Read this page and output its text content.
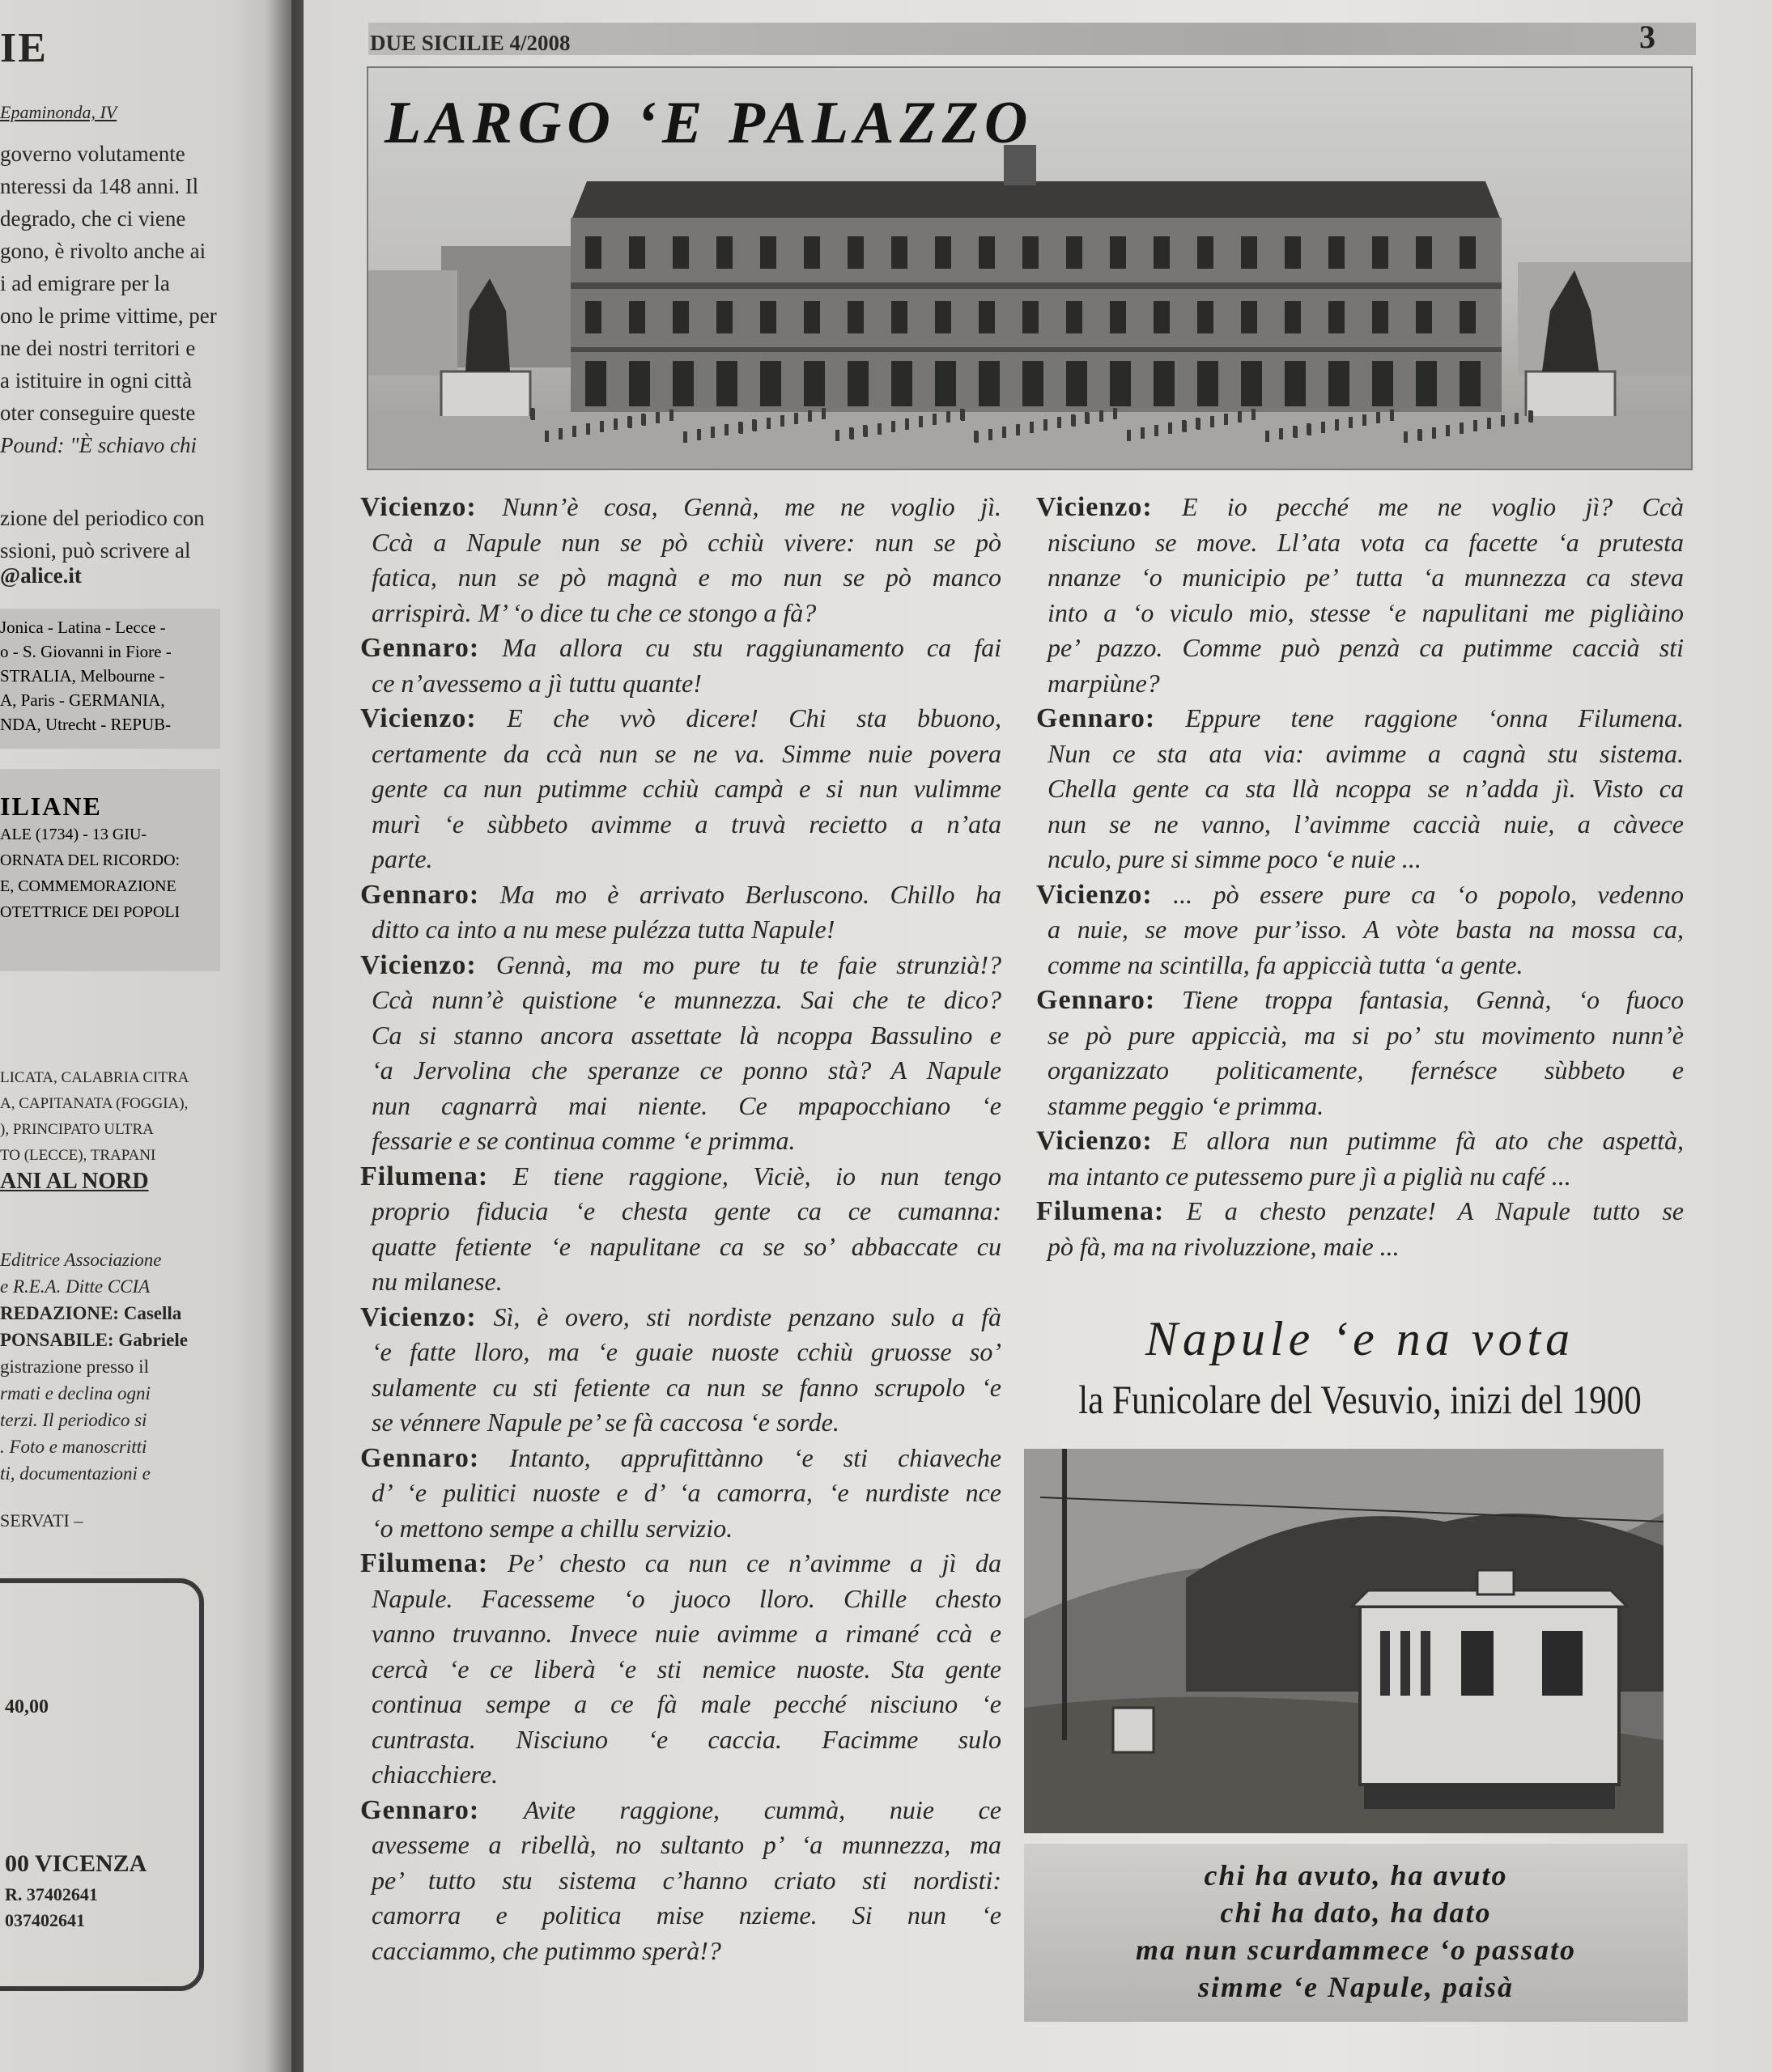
IE
Epaminonda, IV
governo volutamente
nteressi da 148 anni. Il
degrado, che ci viene
gono, è rivolto anche ai
i ad emigrare per la
ono le prime vittime, per
ne dei nostri territori e
a istituire in ogni città
oter conseguire queste
Pound: "È schiavo chi
zione del periodico con
ssioni, può scrivere al
@alice.it
Jonica - Latina - Lecce -
o - S. Giovanni in Fiore -
STRALIA, Melbourne -
A, Paris - GERMANIA,
NDA, Utrecht - REPUB-
ILIANE
ALE (1734) - 13 GIU-
ORNATA DEL RICORDO:
E, COMMEMORAZIONE
OTETTRICE DEI POPOLI
LICATA, CALABRIA CITRA
A, CAPITANATA (FOGGIA),
), PRINCIPATO ULTRA
TO (LECCE), TRAPANI
ANI AL NORD
Editrice Associazione
e R.E.A. Ditte CCIA
REDAZIONE: Casella
PONSABILE: Gabriele
gistrazione presso il
rmati e declina ogni
terzi. Il periodico si
. Foto e manoscritti
ti, documentazioni e
SERVATI –
40,00
00 VICENZA
R. 37402641
037402641
DUE SICILIE 4/2008	3
LARGO ‘E PALAZZO
Vicienzo: Nunn’è cosa, Gennà, me ne voglio jì.
Ccà a Napule nun se pò cchiù vivere: nun se pò
fatica, nun se pò magnà e mo nun se pò manco
arrispirà. M’ ‘o dice tu che ce stongo a fà?
Gennaro: Ma allora cu stu raggiunamento ca fai
ce n’avessemo a jì tuttu quante!
Vicienzo: E che vvò dicere! Chi sta bbuono,
certamente da ccà nun se ne va. Simme nuie povera
gente ca nun putimme cchiù campà e si nun vulimme
murì ‘e sùbbeto avimme a truvà recietto a n’ata
parte.
Gennaro: Ma mo è arrivato Berluscono. Chillo ha
ditto ca into a nu mese pulézza tutta Napule!
Vicienzo: Gennà, ma mo pure tu te faie strunzià!?
Ccà nunn’è quistione ‘e munnezza. Sai che te dico?
Ca si stanno ancora assettate là ncoppa Bassulino e
‘a Jervolina che speranze ce ponno stà? A Napule
nun cagnarrà mai niente. Ce mpapocchiano ‘e
fessarie e se continua comme ‘e primma.
Filumena: E tiene raggione, Viciè, io nun tengo
proprio fiducia ‘e chesta gente ca ce cumanna:
quatte fetiente ‘e napulitane ca se so’ abbaccate cu
nu milanese.
Vicienzo: Sì, è overo, sti nordiste penzano sulo a fà
‘e fatte lloro, ma ‘e guaie nuoste cchiù gruosse so’
sulamente cu sti fetiente ca nun se fanno scrupolo ‘e
se vénnere Napule pe’ se fà caccosa ‘e sorde.
Gennaro: Intanto, apprufittànno ‘e sti chiaveche
d’ ‘e pulitici nuoste e d’ ‘a camorra, ‘e nurdiste nce
‘o mettono sempe a chillu servizio.
Filumena: Pe’ chesto ca nun ce n’avimme a jì da
Napule. Facesseme ‘o juoco lloro. Chille chesto
vanno truvanno. Invece nuie avimme a rimané ccà e
cercà ‘e ce liberà ‘e sti nemice nuoste. Sta gente
continua sempe a ce fà male pecché nisciuno ‘e
cuntrasta. Nisciuno ‘e caccia. Facimme sulo
chiacchiere.
Gennaro: Avite raggione, cummà, nuie ce
avesseme a ribellà, no sultanto p’ ‘a munnezza, ma
pe’ tutto stu sistema c’hanno criato sti nordisti:
camorra e politica mise nzieme. Si nun ‘e
cacciammo, che putimmo sperà!?
Vicienzo: E io pecché me ne voglio jì? Ccà
nisciuno se move. Ll’ata vota ca facette ‘a prutesta
nnanze ‘o municipio pe’ tutta ‘a munnezza ca steva
into a ‘o viculo mio, stesse ‘e napulitani me pigliàino
pe’ pazzo. Comme può penzà ca putimme caccià sti
marpiùne?
Gennaro: Eppure tene raggione ‘onna Filumena.
Nun ce sta ata via: avimme a cagnà stu sistema.
Chella gente ca sta llà ncoppa se n’adda jì. Visto ca
nun se ne vanno, l’avimme caccià nuie, a càvece
nculo, pure si simme poco ‘e nuie ...
Vicienzo: ... pò essere pure ca ‘o popolo, vedenno
a nuie, se move pur’isso. A vòte basta na mossa ca,
comme na scintilla, fa appiccià tutta ‘a gente.
Gennaro: Tiene troppa fantasia, Gennà, ‘o fuoco
se pò pure appiccià, ma si po’ stu movimento nunn’è
organizzato politicamente, fernésce sùbbeto e
stamme peggio ‘e primma.
Vicienzo: E allora nun putimme fà ato che aspettà,
ma intanto ce putessemo pure jì a piglià nu café ...
Filumena: E a chesto penzate! A Napule tutto se
pò fà, ma na rivoluzzione, maie ...
Napule ‘e na vota
la Funicolare del Vesuvio, inizi del 1900
chi ha avuto, ha avuto
chi ha dato, ha dato
ma nun scurdammece ‘o passato
simme ‘e Napule, paisà
